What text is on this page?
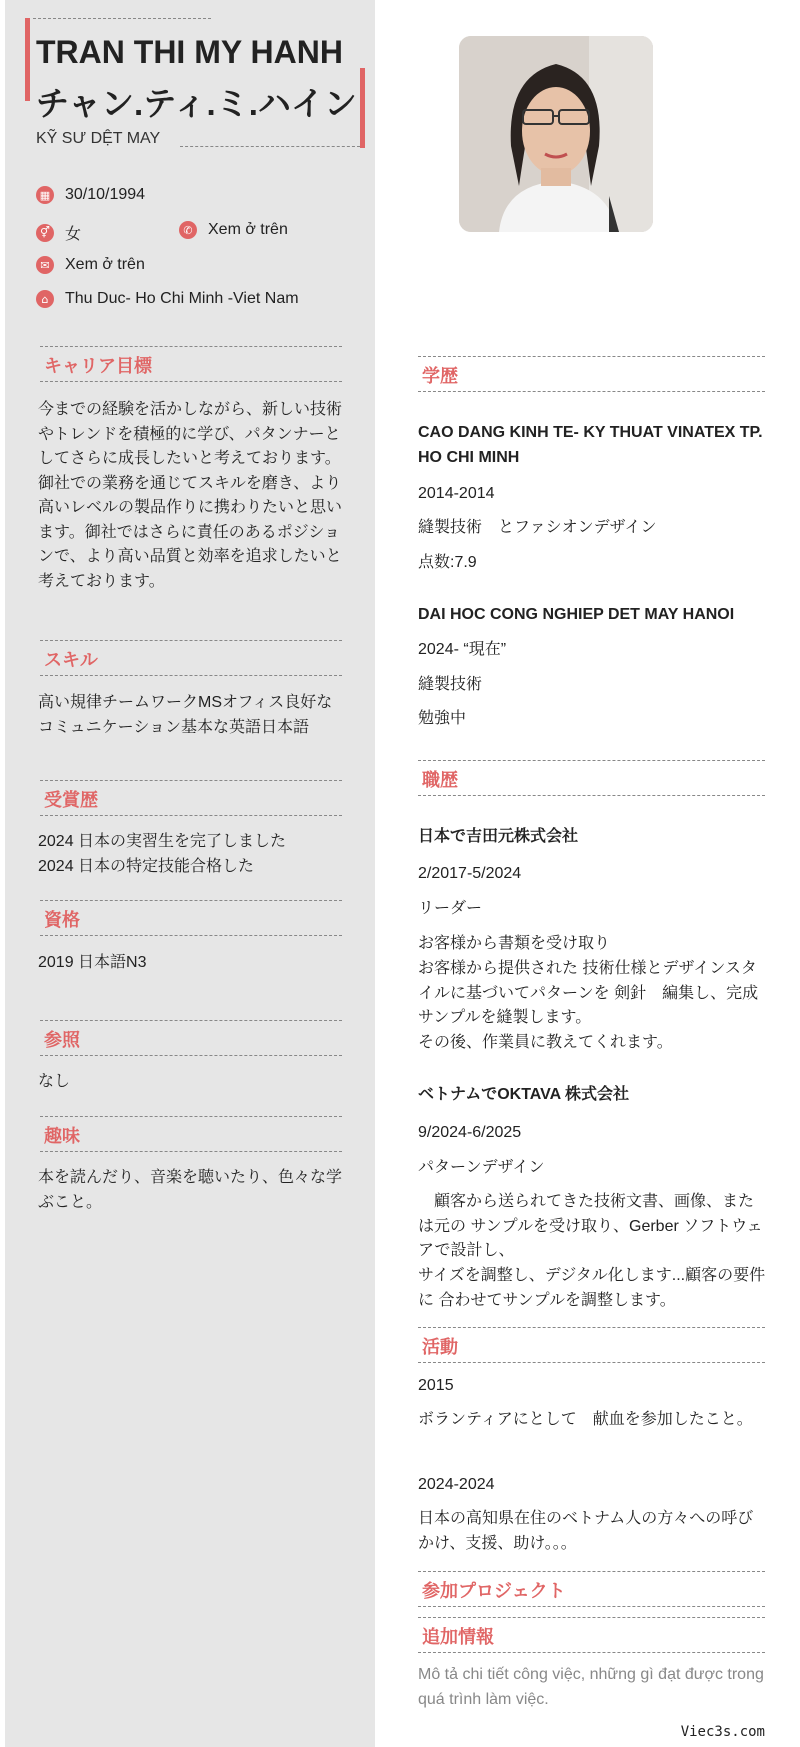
TRAN THI MY HANH
チャン.ティ.ミ.ハイン
KỸ SƯ DỆT MAY
▦ 30/10/1994
⚥ 女	✆ Xem ở trên
✉ Xem ở trên
⌂	Thu Duc- Ho Chi Minh -Viet Nam
キャリア目標
今までの経験を活かしながら、新しい技術やトレンドを積極的に学び、パタンナーとしてさらに成長したいと考えております。御社での業務を通じてスキルを磨き、より高いレベルの製品作りに携わりたいと思います。御社ではさらに責任のあるポジションで、より高い品質と効率を追求したいと考えております。
スキル
高い規律チームワークMSオフィス良好なコミュニケーション基本な英語日本語
受賞歴
2024 日本の実習生を完了しました
2024 日本の特定技能合格した
資格
2019 日本語N3
参照
なし
趣味
本を読んだり、音楽を聴いたり、色々な学ぶこと。
学歴
CAO DANG KINH TE- KY THUAT VINATEX TP. HO CHI MINH
2014-2014
縫製技術　とファシオンデザイン
点数:7.9
DAI HOC CONG NGHIEP DET MAY HANOI
2024- “現在”
縫製技術
勉強中
職歴
日本で吉田元株式会社
2/2017-5/2024
リーダー
お客様から書類を受け取り
お客様から提供された 技術仕様とデザインスタイルに基づいてパターンを 剣針　編集し、完成サンプルを縫製します。
その後、作業員に教えてくれます。
ベトナムでOKTAVA 株式会社
9/2024-6/2025
パターンデザイン
　顧客から送られてきた技術文書、画像、または元の サンプルを受け取り、Gerber ソフトウェアで設計し、
サイズを調整し、デジタル化します...顧客の要件に 合わせてサンプルを調整します。
活動
2015
ボランティアにとして　献血を参加したこと。
2024-2024
日本の高知県在住のベトナム人の方々への呼びかけ、支援、助け。。。
参加プロジェクト
追加情報
Mô tả chi tiết công việc, những gì đạt được trong quá trình làm việc.
Viec3s.com
